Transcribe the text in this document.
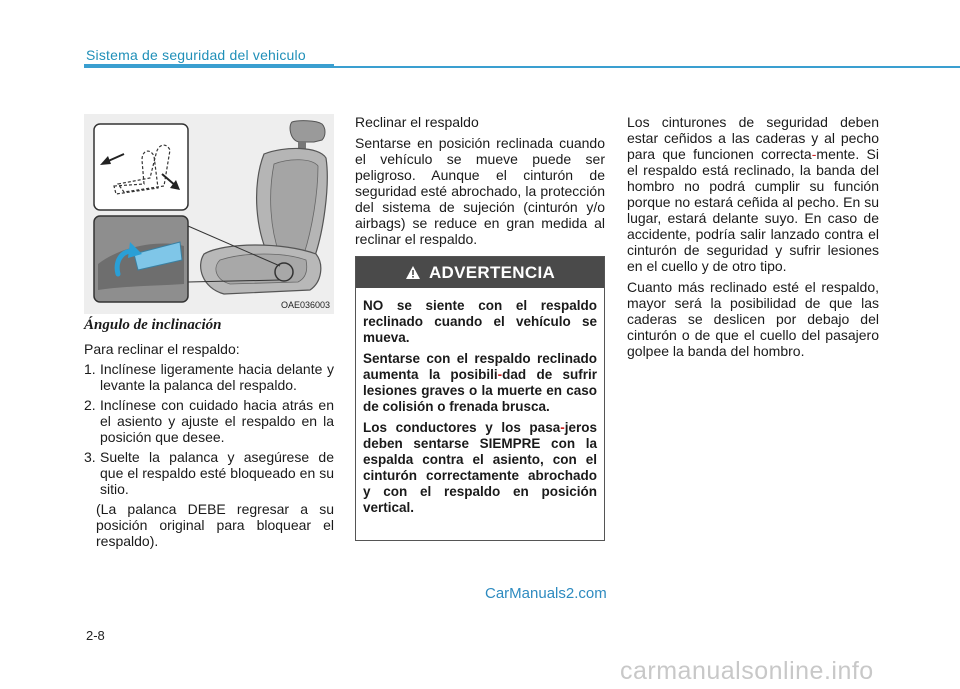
Sistema de seguridad del vehiculo
OAE036003
Ángulo de inclinación
Para reclinar el respaldo:
1. Inclínese ligeramente hacia delante y levante la palanca del respaldo.
2. Inclínese con cuidado hacia atrás en el asiento y ajuste el respaldo en la posición que desee.
3. Suelte la palanca y asegúrese de que el respaldo esté bloqueado en su sitio.
(La palanca DEBE regresar a su posición original para bloquear el respaldo).
Reclinar el respaldo
Sentarse en posición reclinada cuando el vehículo se mueve puede ser peligroso. Aunque el cinturón de seguridad esté abrochado, la protección del sistema de sujeción (cinturón y/o airbags) se reduce en gran medida al reclinar el respaldo.
ADVERTENCIA
NO se siente con el respaldo reclinado cuando el vehículo se mueva.
Sentarse con el respaldo reclinado aumenta la posibili-dad de sufrir lesiones graves o la muerte en caso de colisión o frenada brusca.
Los conductores y los pasa-jeros deben sentarse SIEMPRE con la espalda contra el asiento, con el cinturón correctamente abrochado y con el respaldo en posición vertical.
Los cinturones de seguridad deben estar ceñidos a las caderas y al pecho para que funcionen correcta-mente. Si el respaldo está reclinado, la banda del hombro no podrá cumplir su función porque no estará ceñida al pecho. En su lugar, estará delante suyo. En caso de accidente, podría salir lanzado contra el cinturón de seguridad y sufrir lesiones en el cuello y de otro tipo.
Cuanto más reclinado esté el respaldo, mayor será la posibilidad de que las caderas se deslicen por debajo del cinturón o de que el cuello del pasajero golpee la banda del hombro.
CarManuals2.com
2-8
carmanualsonline.info
